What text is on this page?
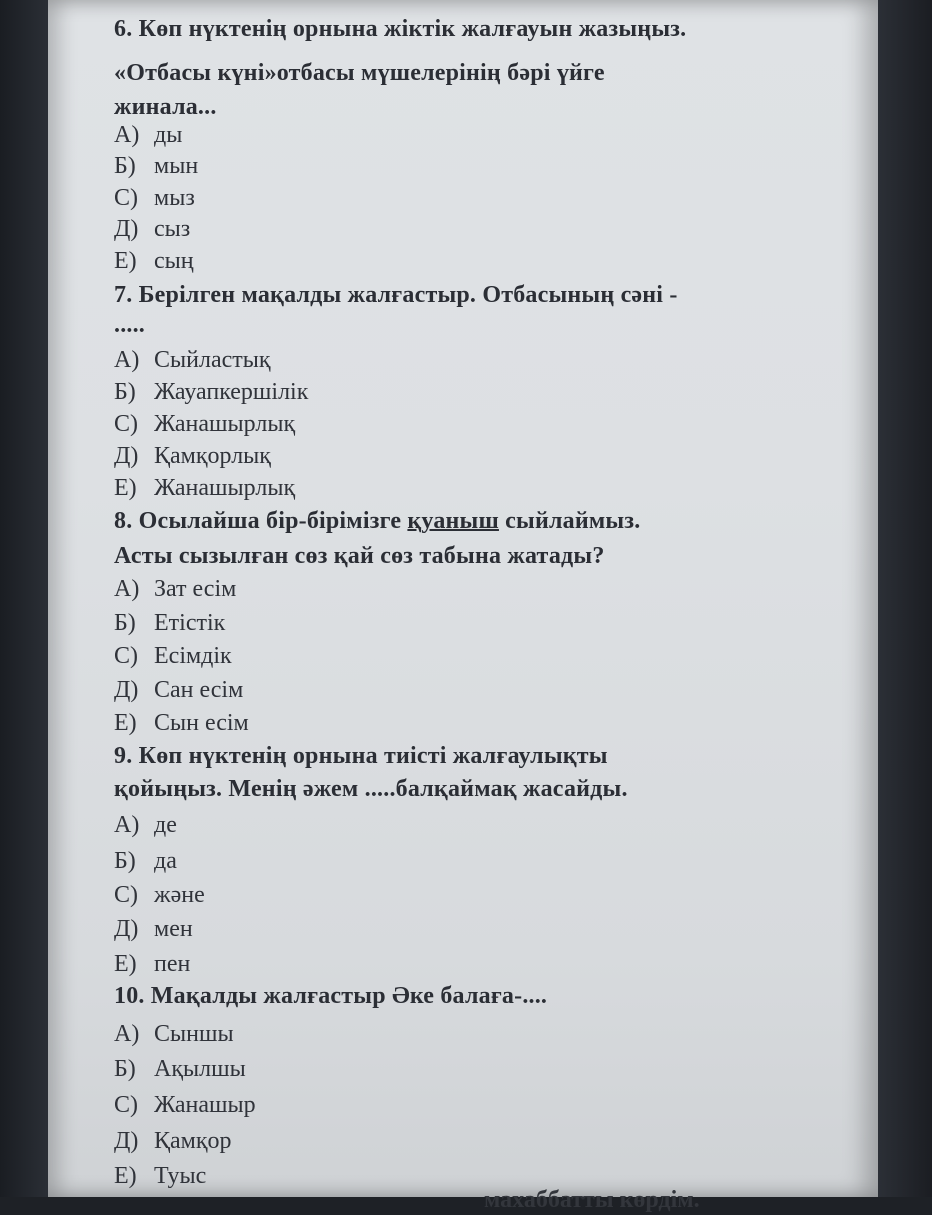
6. Көп нүктенің орнына жіктік жалғауын жазыңыз.
«Отбасы күні»отбасы мүшелерінің бәрі үйге
жинала...
А) ды
Б) мын
С) мыз
Д) сыз
Е) сың
7. Берілген мақалды жалғастыр. Отбасының сәні -
.....
А) Сыйластық
Б) Жауапкершілік
С) Жанашырлық
Д) Қамқорлық
Е) Жанашырлық
8. Осылайша бір-бірімізге қуаныш сыйлаймыз.
Асты сызылған сөз қай сөз табына жатады?
А) Зат есім
Б) Етістік
С) Есімдік
Д) Сан есім
Е) Сын есім
9. Көп нүктенің орнына тиісті жалғаулықты
қойыңыз. Менің әжем .....балқаймақ жасайды.
А) де
Б) да
С) және
Д) мен
Е) пен
10. Мақалды жалғастыр Әке балаға-....
А) Сыншы
Б) Ақылшы
С) Жанашыр
Д) Қамқор
Е) Туыс
махаббатты көрдім.
